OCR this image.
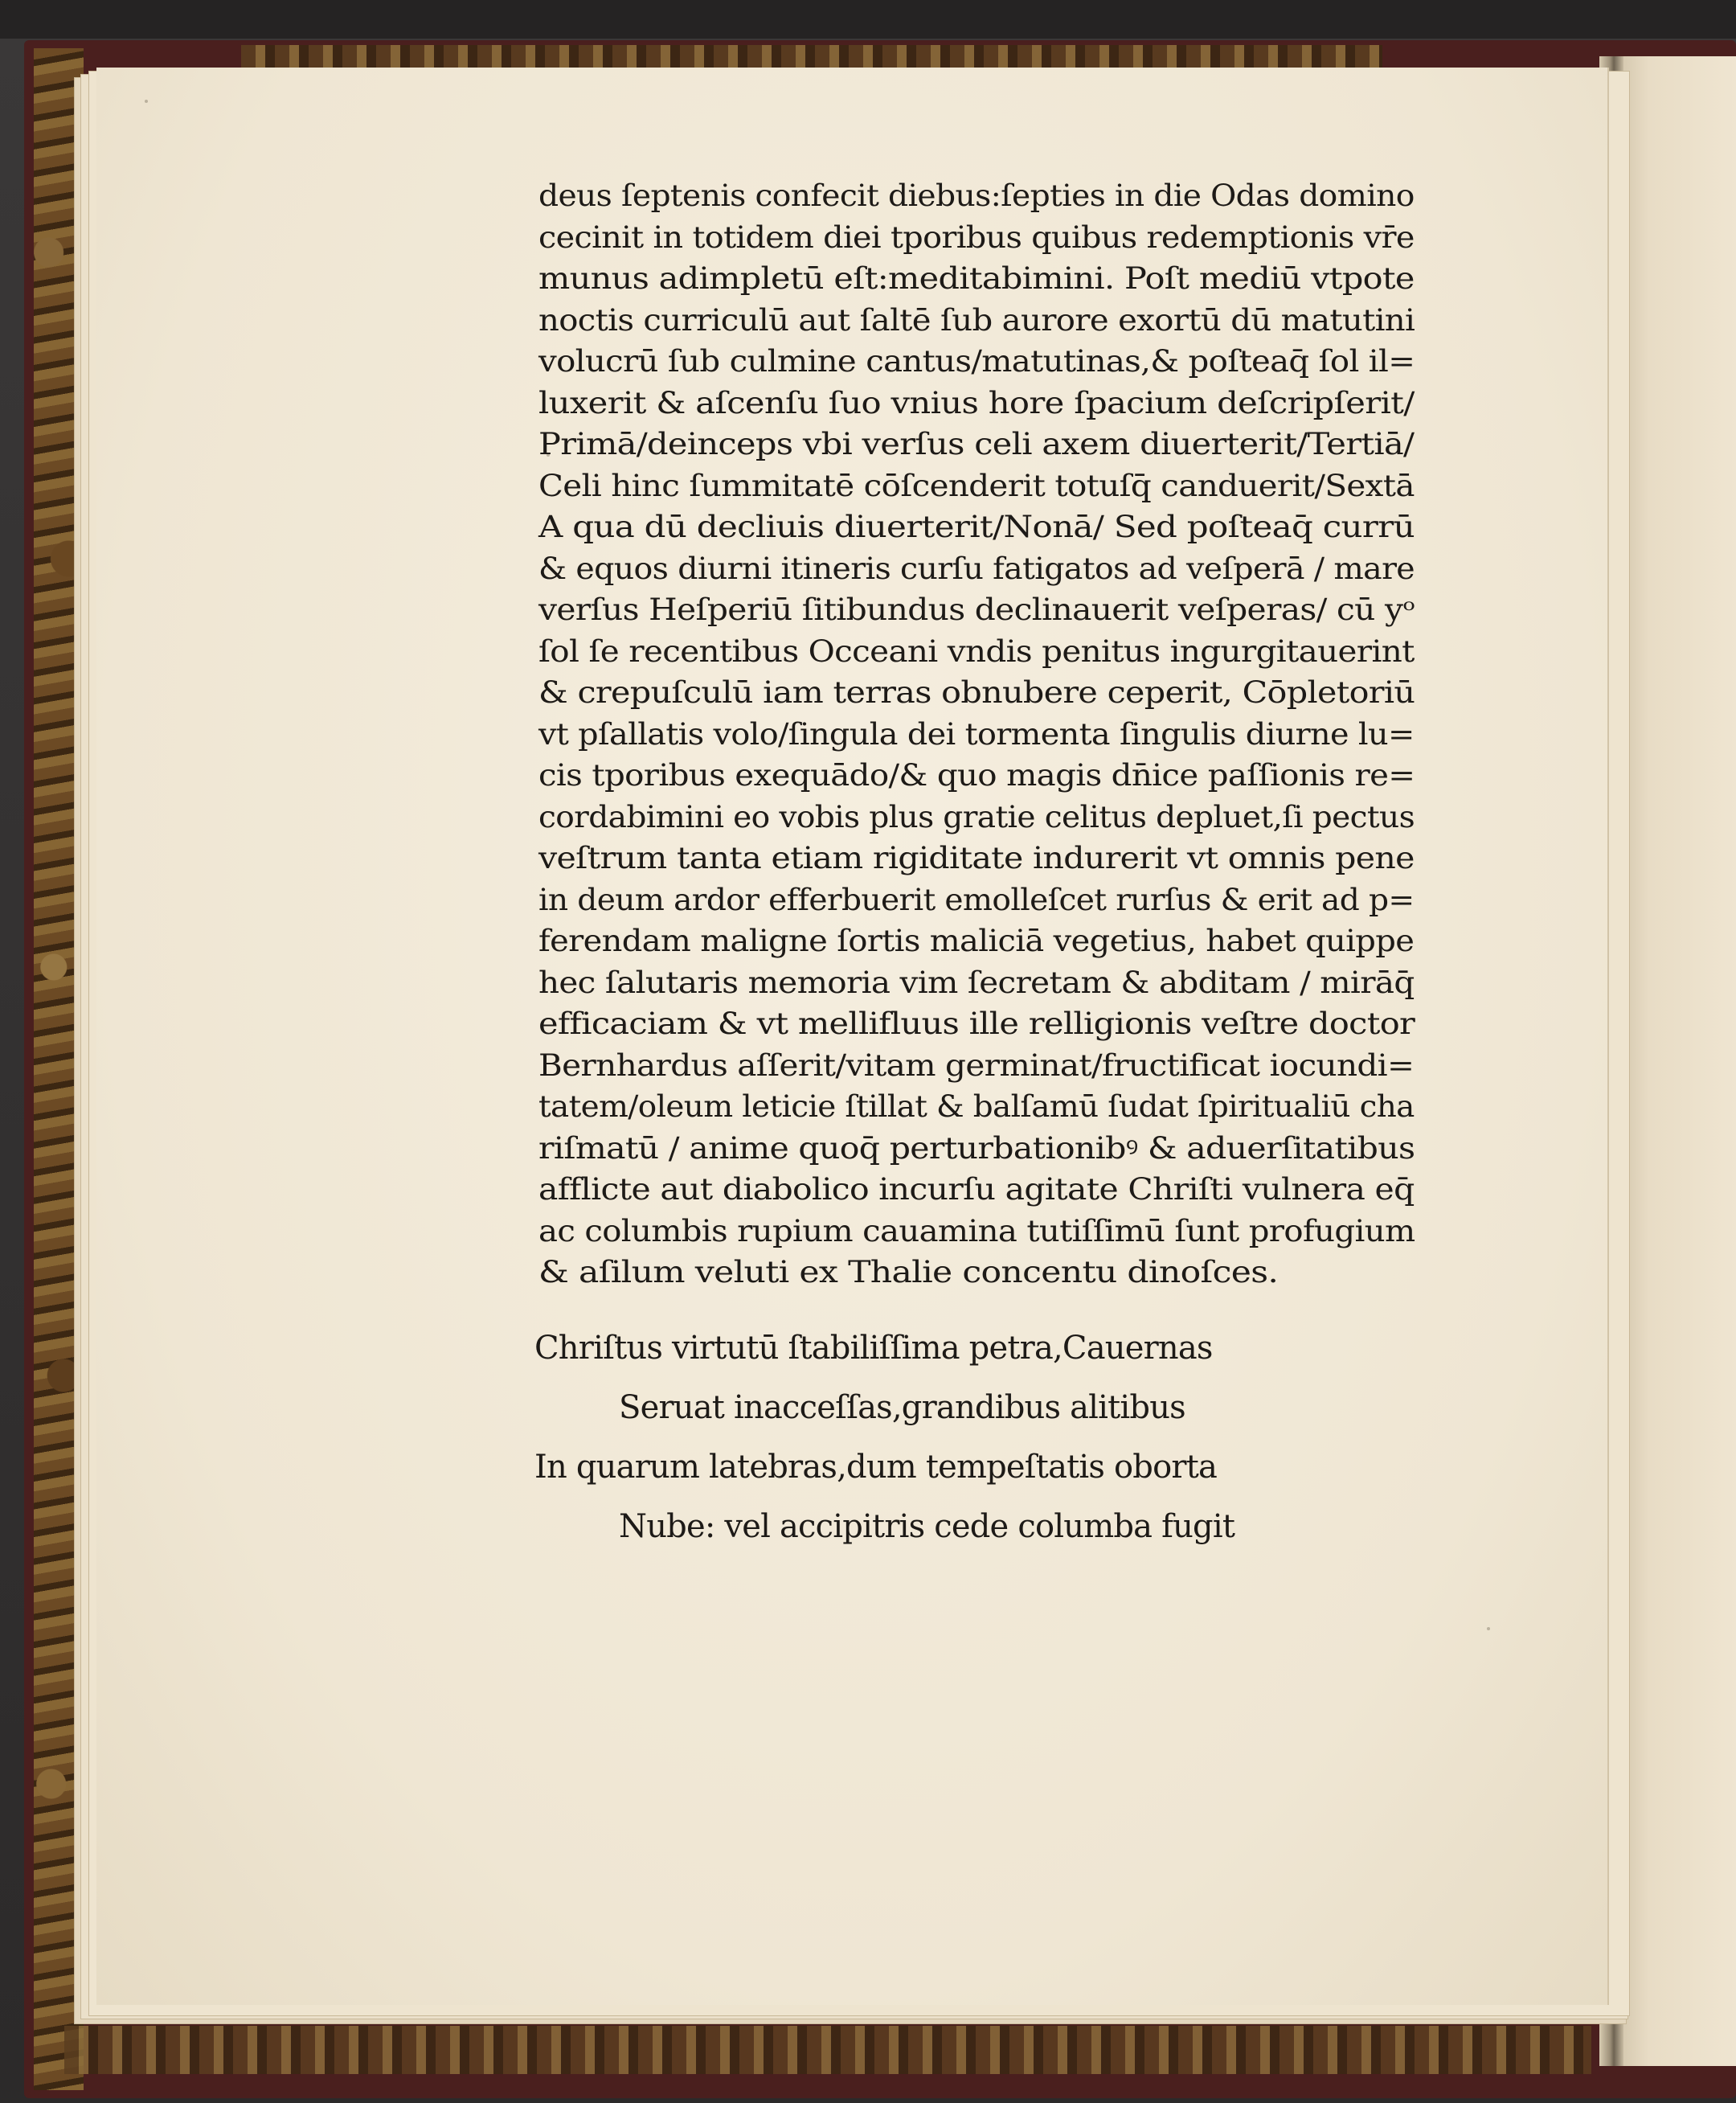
deus ſeptenis confecit diebus:ſepties in die Odas domino
cecinit in totidem diei tporibus quibus redemptionis vr̄e
munus adimpletū eſt:meditabimini. Poſt mediū vtpote
noctis curriculū aut ſaltē ſub aurore exortū dū matutini
volucrū ſub culmine cantus/matutinas,& poſteaq̄ ſol il=
luxerit & aſcenſu ſuo vnius hore ſpacium deſcripſerit/
Primā/deinceps vbi verſus celi axem diuerterit/Tertiā/
Celi hinc ſummitatē cōſcenderit totuſq̄ canduerit/Sextā
A qua dū decliuis diuerterit/Nonā/ Sed poſteaq̄ currū
& equos diurni itineris curſu fatigatos ad veſperā / mare
verſus Heſperiū ſitibundus declinauerit veſperas/ cū yᵒ
ſol ſe recentibus Occeani vndis penitus ingurgitauerint
& crepuſculū iam terras obnubere ceperit, Cōpletoriū
vt pſallatis volo/ſingula dei tormenta ſingulis diurne lu=
cis tporibus exequādo/& quo magis dn̄ice paſſionis re=
cordabimini eo vobis plus gratie celitus depluet,ſi pectus
veſtrum tanta etiam rigiditate indurerit vt omnis pene
in deum ardor efferbuerit emolleſcet rurſus & erit ad p=
ferendam maligne ſortis maliciā vegetius, habet quippe
hec ſalutaris memoria vim ſecretam & abditam / mirāq̄
efficaciam & vt mellifluus ille relligionis veſtre doctor
Bernhardus aſſerit/vitam germinat/fructificat iocundi=
tatem/oleum leticie ſtillat & balſamū ſudat ſpiritualiū cha
riſmatū / anime quoq̄ perturbationibꝰ & aduerſitatibus
afflicte aut diabolico incurſu agitate Chriſti vulnera eq̄
ac columbis rupium cauamina tutiſſimū ſunt profugium
& aſilum veluti ex Thalie concentu dinoſces.
Chriſtus virtutū ſtabiliſſima petra,Cauernas
Seruat inacceſſas,grandibus alitibus
In quarum latebras,dum tempeſtatis oborta
Nube: vel accipitris cede columba fugit
